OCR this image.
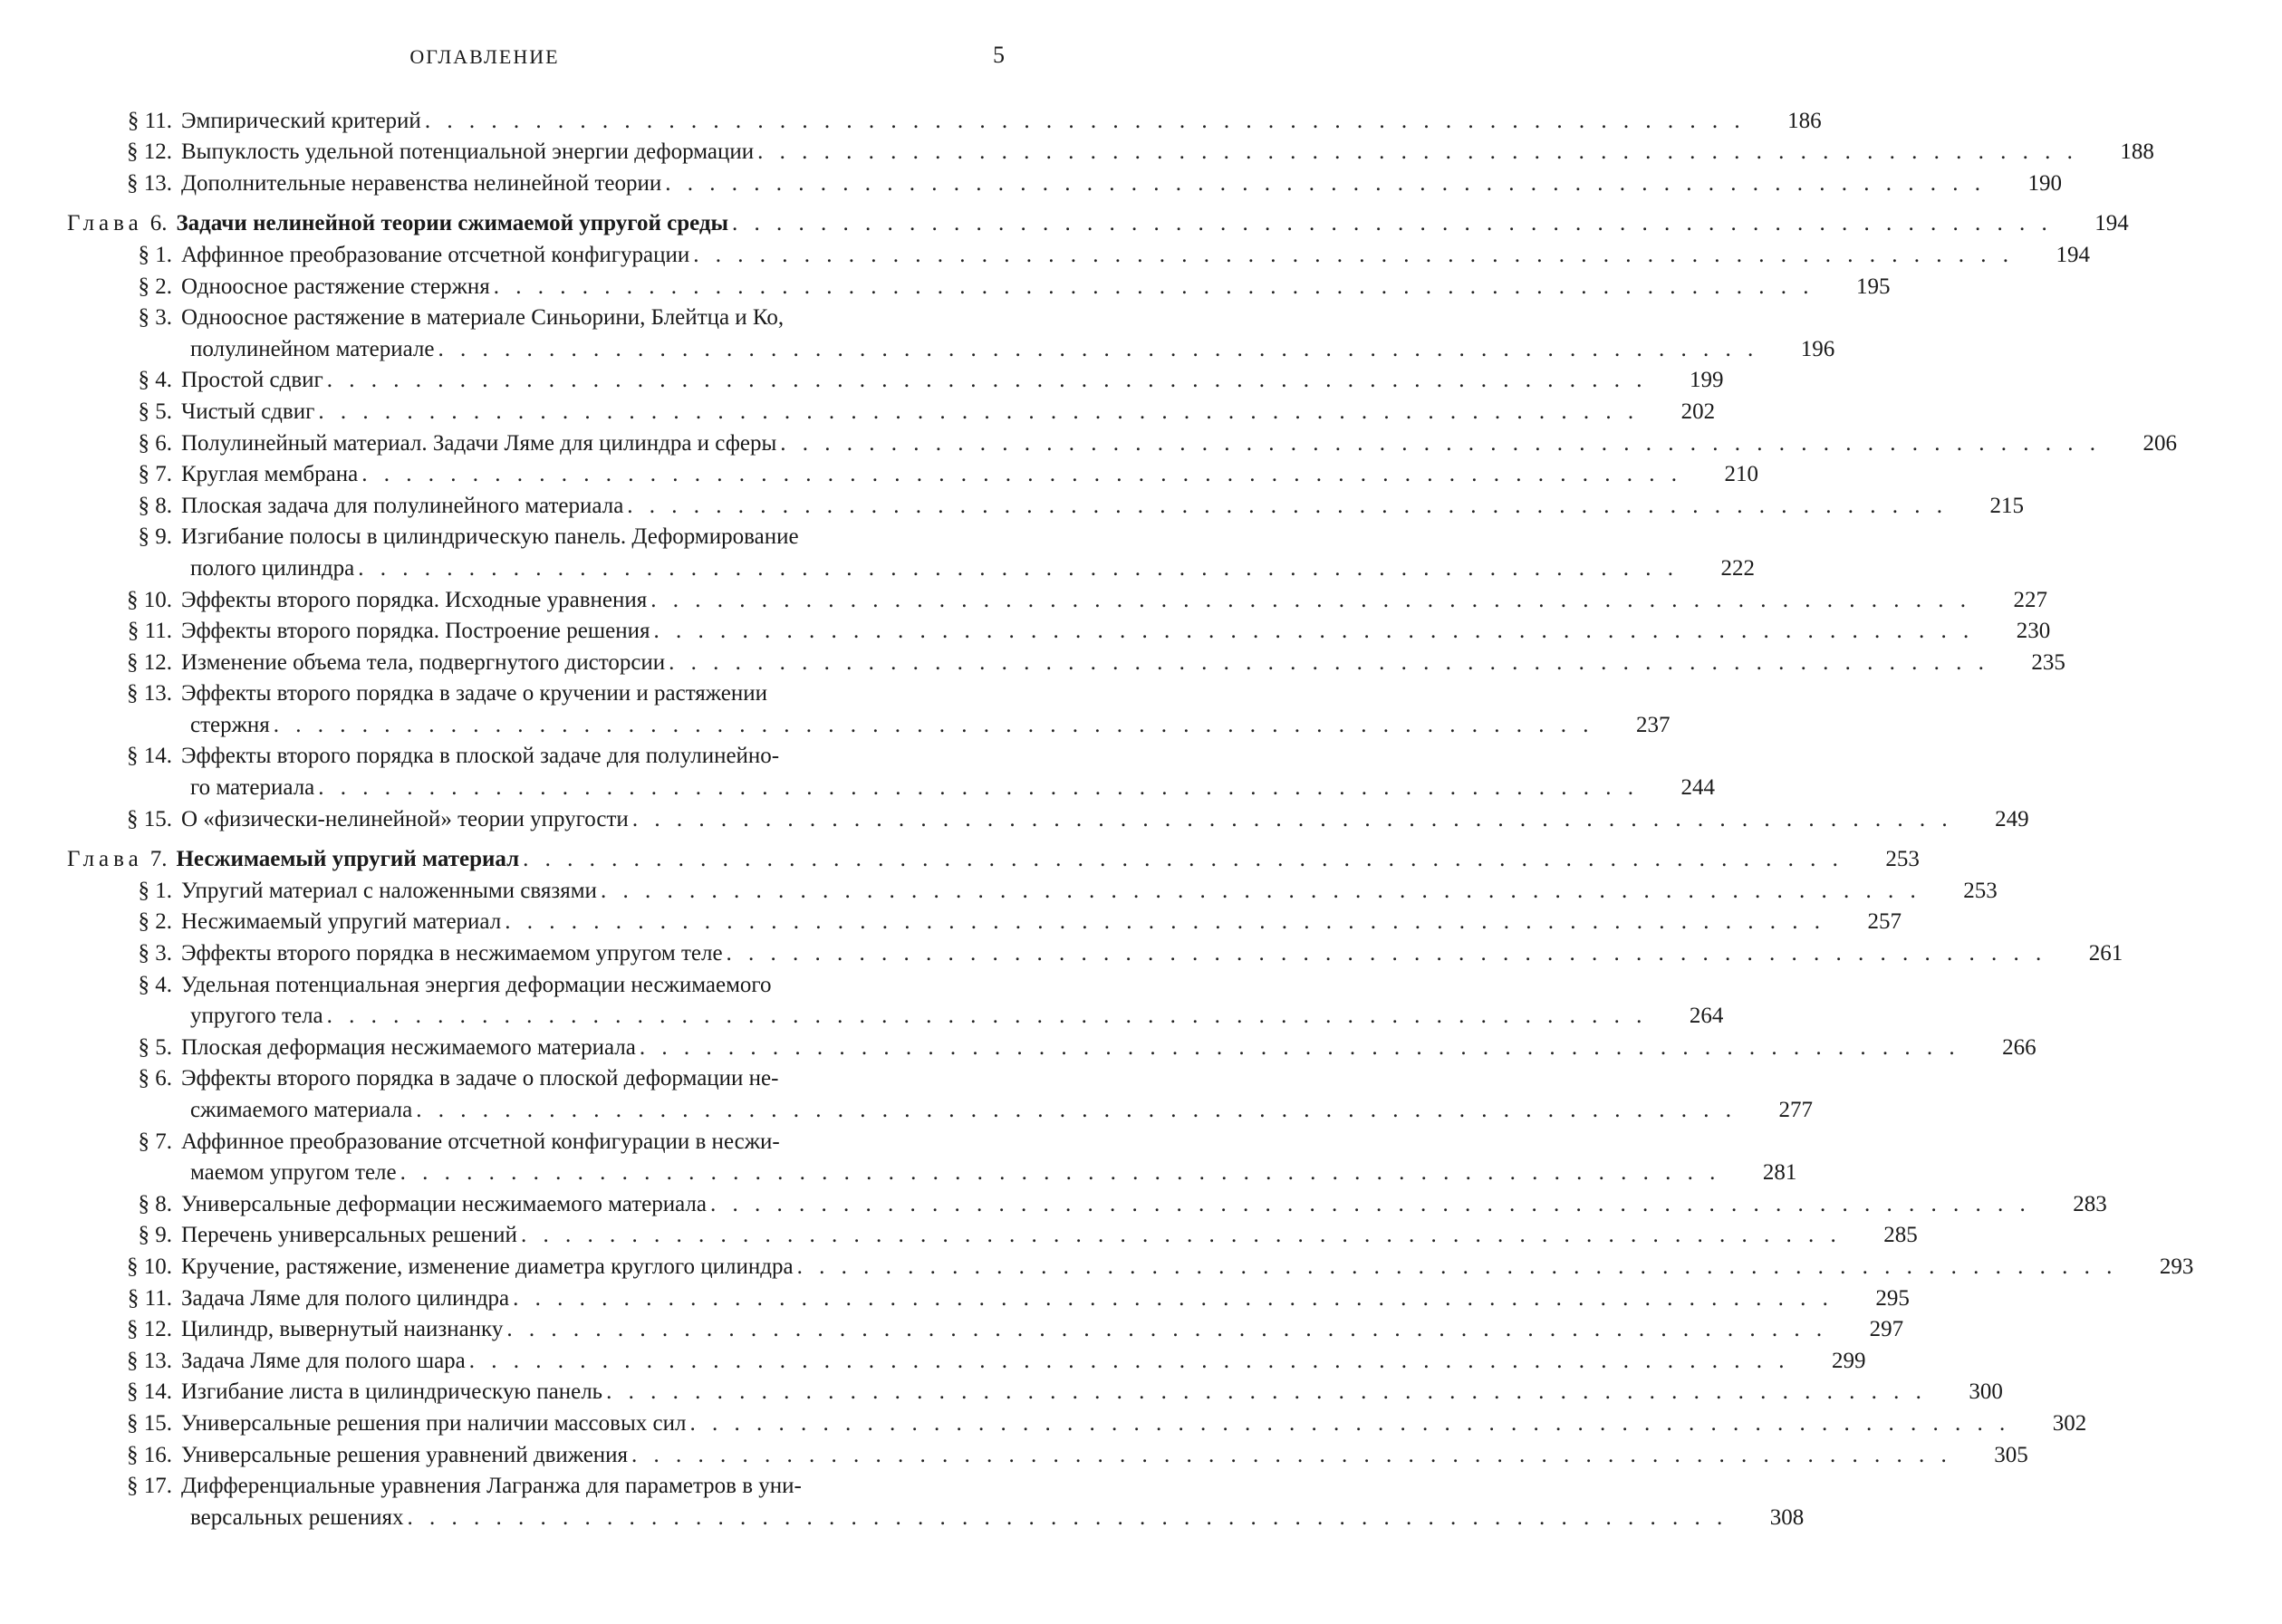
ОГЛАВЛЕНИЕ	5
§ 11. Эмпирический критерий . . . . . . . . . . . . . . . . . . . . . . . . . . . . . . . . . . . . . . . . . . . . . . . . . . . . . . . . . . . .	186
§ 12. Выпуклость удельной потенциальной энергии деформации . . . . . . . . . . . . . . . . . . . . . . . . . . . . . . . . . . . . . . . . . . . . . . . . . . . . . . . . . . . .	188
§ 13. Дополнительные неравенства нелинейной теории . . . . . . . . . . . . . . . . . . . . . . . . . . . . . . . . . . . . . . . . . . . . . . . . . . . . . . . . . . . .	190
Глава 6. Задачи нелинейной теории сжимаемой упругой среды . . . . . . . . . . . . . . . . . . . . . . . . . . . . . . . . . . . . . . . . . . . . . . . . . . . . . . . . . . . .	194
§ 1. Аффинное преобразование отсчетной конфигурации . . . . . . . . . . . . . . . . . . . . . . . . . . . . . . . . . . . . . . . . . . . . . . . . . . . . . . . . . . . .	194
§ 2. Одноосное растяжение стержня . . . . . . . . . . . . . . . . . . . . . . . . . . . . . . . . . . . . . . . . . . . . . . . . . . . . . . . . . . . .	195
§ 3. Одноосное растяжение в материале Синьорини, Блейтца и Ко,
полулинейном материале . . . . . . . . . . . . . . . . . . . . . . . . . . . . . . . . . . . . . . . . . . . . . . . . . . . . . . . . . . . .	196
§ 4. Простой сдвиг . . . . . . . . . . . . . . . . . . . . . . . . . . . . . . . . . . . . . . . . . . . . . . . . . . . . . . . . . . . .	199
§ 5. Чистый сдвиг . . . . . . . . . . . . . . . . . . . . . . . . . . . . . . . . . . . . . . . . . . . . . . . . . . . . . . . . . . . .	202
§ 6. Полулинейный материал. Задачи Ляме для цилиндра и сферы . . . . . . . . . . . . . . . . . . . . . . . . . . . . . . . . . . . . . . . . . . . . . . . . . . . . . . . . . . . .	206
§ 7. Круглая мембрана . . . . . . . . . . . . . . . . . . . . . . . . . . . . . . . . . . . . . . . . . . . . . . . . . . . . . . . . . . . .	210
§ 8. Плоская задача для полулинейного материала . . . . . . . . . . . . . . . . . . . . . . . . . . . . . . . . . . . . . . . . . . . . . . . . . . . . . . . . . . . .	215
§ 9. Изгибание полосы в цилиндрическую панель. Деформирование
полого цилиндра . . . . . . . . . . . . . . . . . . . . . . . . . . . . . . . . . . . . . . . . . . . . . . . . . . . . . . . . . . . .	222
§ 10. Эффекты второго порядка. Исходные уравнения . . . . . . . . . . . . . . . . . . . . . . . . . . . . . . . . . . . . . . . . . . . . . . . . . . . . . . . . . . . .	227
§ 11. Эффекты второго порядка. Построение решения . . . . . . . . . . . . . . . . . . . . . . . . . . . . . . . . . . . . . . . . . . . . . . . . . . . . . . . . . . . .	230
§ 12. Изменение объема тела, подвергнутого дисторсии . . . . . . . . . . . . . . . . . . . . . . . . . . . . . . . . . . . . . . . . . . . . . . . . . . . . . . . . . . . .	235
§ 13. Эффекты второго порядка в задаче о кручении и растяжении
стержня . . . . . . . . . . . . . . . . . . . . . . . . . . . . . . . . . . . . . . . . . . . . . . . . . . . . . . . . . . . .	237
§ 14. Эффекты второго порядка в плоской задаче для полулинейно-
го материала . . . . . . . . . . . . . . . . . . . . . . . . . . . . . . . . . . . . . . . . . . . . . . . . . . . . . . . . . . . .	244
§ 15. О «физически-нелинейной» теории упругости . . . . . . . . . . . . . . . . . . . . . . . . . . . . . . . . . . . . . . . . . . . . . . . . . . . . . . . . . . . .	249
Глава 7. Несжимаемый упругий материал . . . . . . . . . . . . . . . . . . . . . . . . . . . . . . . . . . . . . . . . . . . . . . . . . . . . . . . . . . . .	253
§ 1. Упругий материал с наложенными связями . . . . . . . . . . . . . . . . . . . . . . . . . . . . . . . . . . . . . . . . . . . . . . . . . . . . . . . . . . . .	253
§ 2. Несжимаемый упругий материал . . . . . . . . . . . . . . . . . . . . . . . . . . . . . . . . . . . . . . . . . . . . . . . . . . . . . . . . . . . .	257
§ 3. Эффекты второго порядка в несжимаемом упругом теле . . . . . . . . . . . . . . . . . . . . . . . . . . . . . . . . . . . . . . . . . . . . . . . . . . . . . . . . . . . .	261
§ 4. Удельная потенциальная энергия деформации несжимаемого
упругого тела . . . . . . . . . . . . . . . . . . . . . . . . . . . . . . . . . . . . . . . . . . . . . . . . . . . . . . . . . . . .	264
§ 5. Плоская деформация несжимаемого материала . . . . . . . . . . . . . . . . . . . . . . . . . . . . . . . . . . . . . . . . . . . . . . . . . . . . . . . . . . . .	266
§ 6. Эффекты второго порядка в задаче о плоской деформации не-
сжимаемого материала . . . . . . . . . . . . . . . . . . . . . . . . . . . . . . . . . . . . . . . . . . . . . . . . . . . . . . . . . . . .	277
§ 7. Аффинное преобразование отсчетной конфигурации в несжи-
маемом упругом теле . . . . . . . . . . . . . . . . . . . . . . . . . . . . . . . . . . . . . . . . . . . . . . . . . . . . . . . . . . . .	281
§ 8. Универсальные деформации несжимаемого материала . . . . . . . . . . . . . . . . . . . . . . . . . . . . . . . . . . . . . . . . . . . . . . . . . . . . . . . . . . . .	283
§ 9. Перечень универсальных решений . . . . . . . . . . . . . . . . . . . . . . . . . . . . . . . . . . . . . . . . . . . . . . . . . . . . . . . . . . . .	285
§ 10. Кручение, растяжение, изменение диаметра круглого цилиндра . . . . . . . . . . . . . . . . . . . . . . . . . . . . . . . . . . . . . . . . . . . . . . . . . . . . . . . . . . . .	293
§ 11. Задача Ляме для полого цилиндра . . . . . . . . . . . . . . . . . . . . . . . . . . . . . . . . . . . . . . . . . . . . . . . . . . . . . . . . . . . .	295
§ 12. Цилиндр, вывернутый наизнанку . . . . . . . . . . . . . . . . . . . . . . . . . . . . . . . . . . . . . . . . . . . . . . . . . . . . . . . . . . . .	297
§ 13. Задача Ляме для полого шара . . . . . . . . . . . . . . . . . . . . . . . . . . . . . . . . . . . . . . . . . . . . . . . . . . . . . . . . . . . .	299
§ 14. Изгибание листа в цилиндрическую панель . . . . . . . . . . . . . . . . . . . . . . . . . . . . . . . . . . . . . . . . . . . . . . . . . . . . . . . . . . . .	300
§ 15. Универсальные решения при наличии массовых сил . . . . . . . . . . . . . . . . . . . . . . . . . . . . . . . . . . . . . . . . . . . . . . . . . . . . . . . . . . . .	302
§ 16. Универсальные решения уравнений движения . . . . . . . . . . . . . . . . . . . . . . . . . . . . . . . . . . . . . . . . . . . . . . . . . . . . . . . . . . . .	305
§ 17. Дифференциальные уравнения Лагранжа для параметров в уни-
версальных решениях . . . . . . . . . . . . . . . . . . . . . . . . . . . . . . . . . . . . . . . . . . . . . . . . . . . . . . . . . . . .	308
